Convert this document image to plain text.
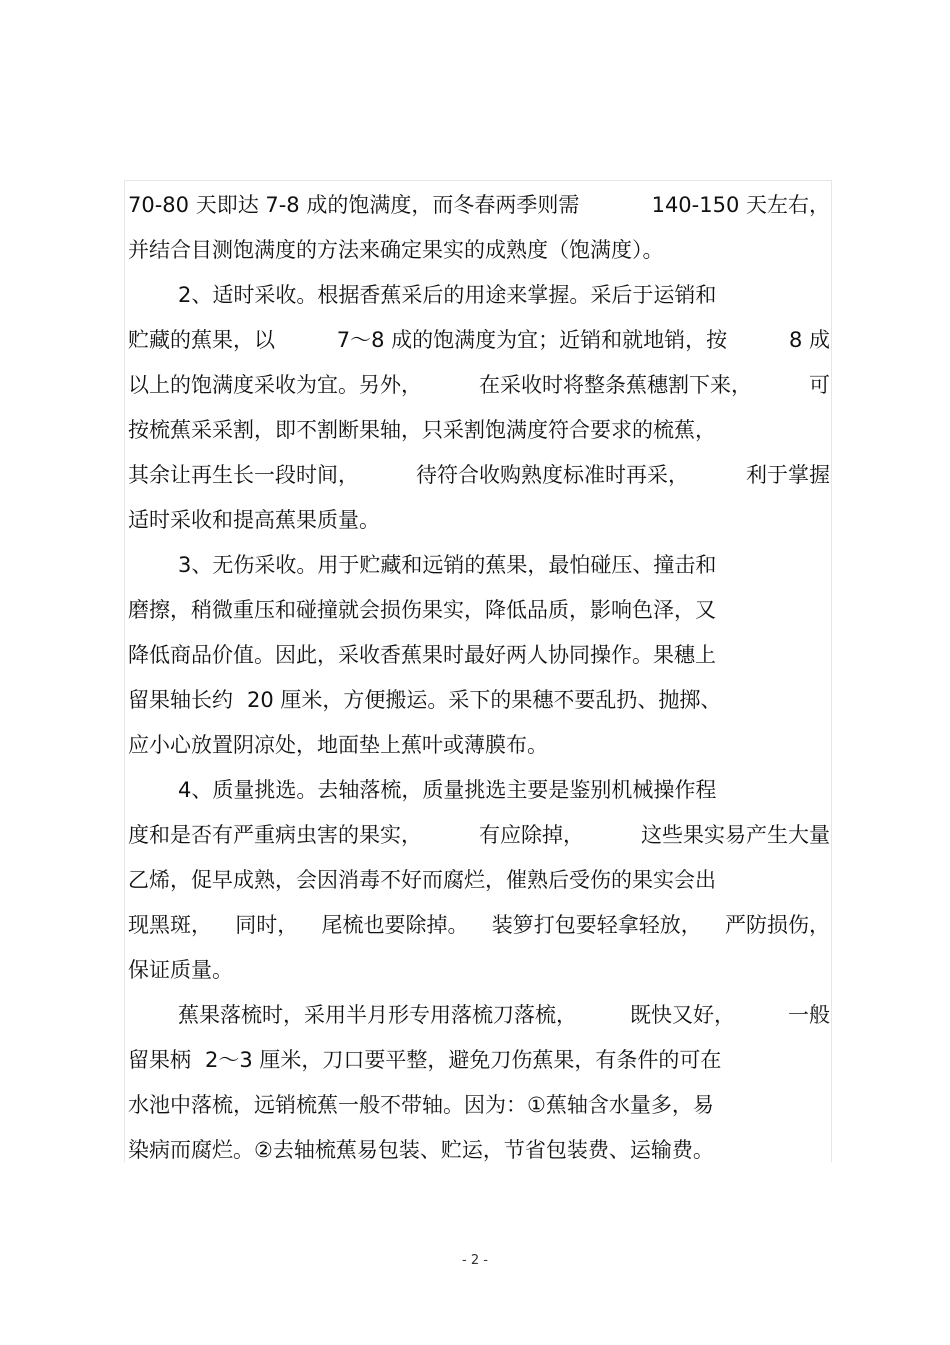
70-80 天即达 7-8 成的饱满度，而冬春两季则需	140-150 天左右，
并结合目测饱满度的方法来确定果实的成熟度（饱满度）。
2、适时采收。根据香蕉采后的用途来掌握。采后于运销和
贮藏的蕉果，以	7～8 成的饱满度为宜；近销和就地销，按	8 成
以上的饱满度采收为宜。另外，	在采收时将整条蕉穗割下来，	可
按梳蕉采采割，即不割断果轴，只采割饱满度符合要求的梳蕉，
其余让再生长一段时间，	待符合收购熟度标准时再采，	利于掌握
适时采收和提高蕉果质量。
3、无伤采收。用于贮藏和远销的蕉果，最怕碰压、撞击和
磨擦，稍微重压和碰撞就会损伤果实，降低品质，影响色泽，又
降低商品价值。因此，采收香蕉果时最好两人协同操作。果穗上
留果轴长约 20 厘米，方便搬运。采下的果穗不要乱扔、抛掷、
应小心放置阴凉处，地面垫上蕉叶或薄膜布。
4、质量挑选。去轴落梳，质量挑选主要是鉴别机械操作程
度和是否有严重病虫害的果实，	有应除掉，	这些果实易产生大量
乙烯，促早成熟，会因消毒不好而腐烂，催熟后受伤的果实会出
现黑斑， 同时， 尾梳也要除掉。 装箩打包要轻拿轻放， 严防损伤，
保证质量。
蕉果落梳时，采用半月形专用落梳刀落梳，	既快又好，	一般
留果柄 2～3 厘米，刀口要平整，避免刀伤蕉果，有条件的可在
水池中落梳，远销梳蕉一般不带轴。因为：①蕉轴含水量多，易
染病而腐烂。②去轴梳蕉易包装、贮运，节省包装费、运输费。
- 2 -
